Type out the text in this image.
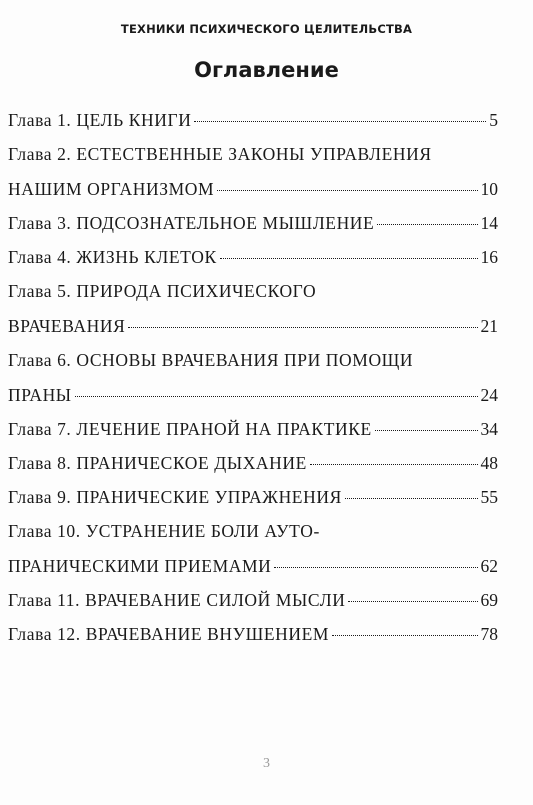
ТЕХНИКИ ПСИХИЧЕСКОГО ЦЕЛИТЕЛЬСТВА
Оглавление
Глава 1. ЦЕЛЬ КНИГИ	5
Глава 2. ЕСТЕСТВЕННЫЕ ЗАКОНЫ УПРАВЛЕНИЯ
НАШИМ ОРГАНИЗМОМ	10
Глава 3. ПОДСОЗНАТЕЛЬНОЕ МЫШЛЕНИЕ	14
Глава 4. ЖИЗНЬ КЛЕТОК	16
Глава 5. ПРИРОДА ПСИХИЧЕСКОГО
ВРАЧЕВАНИЯ	21
Глава 6. ОСНОВЫ ВРАЧЕВАНИЯ ПРИ ПОМОЩИ
ПРАНЫ	24
Глава 7. ЛЕЧЕНИЕ ПРАНОЙ НА ПРАКТИКЕ	34
Глава 8. ПРАНИЧЕСКОЕ ДЫХАНИЕ	48
Глава 9. ПРАНИЧЕСКИЕ УПРАЖНЕНИЯ	55
Глава 10. УСТРАНЕНИЕ БОЛИ АУТО-
ПРАНИЧЕСКИМИ ПРИЕМАМИ	62
Глава 11. ВРАЧЕВАНИЕ СИЛОЙ МЫСЛИ	69
Глава 12. ВРАЧЕВАНИЕ ВНУШЕНИЕМ	78
3
